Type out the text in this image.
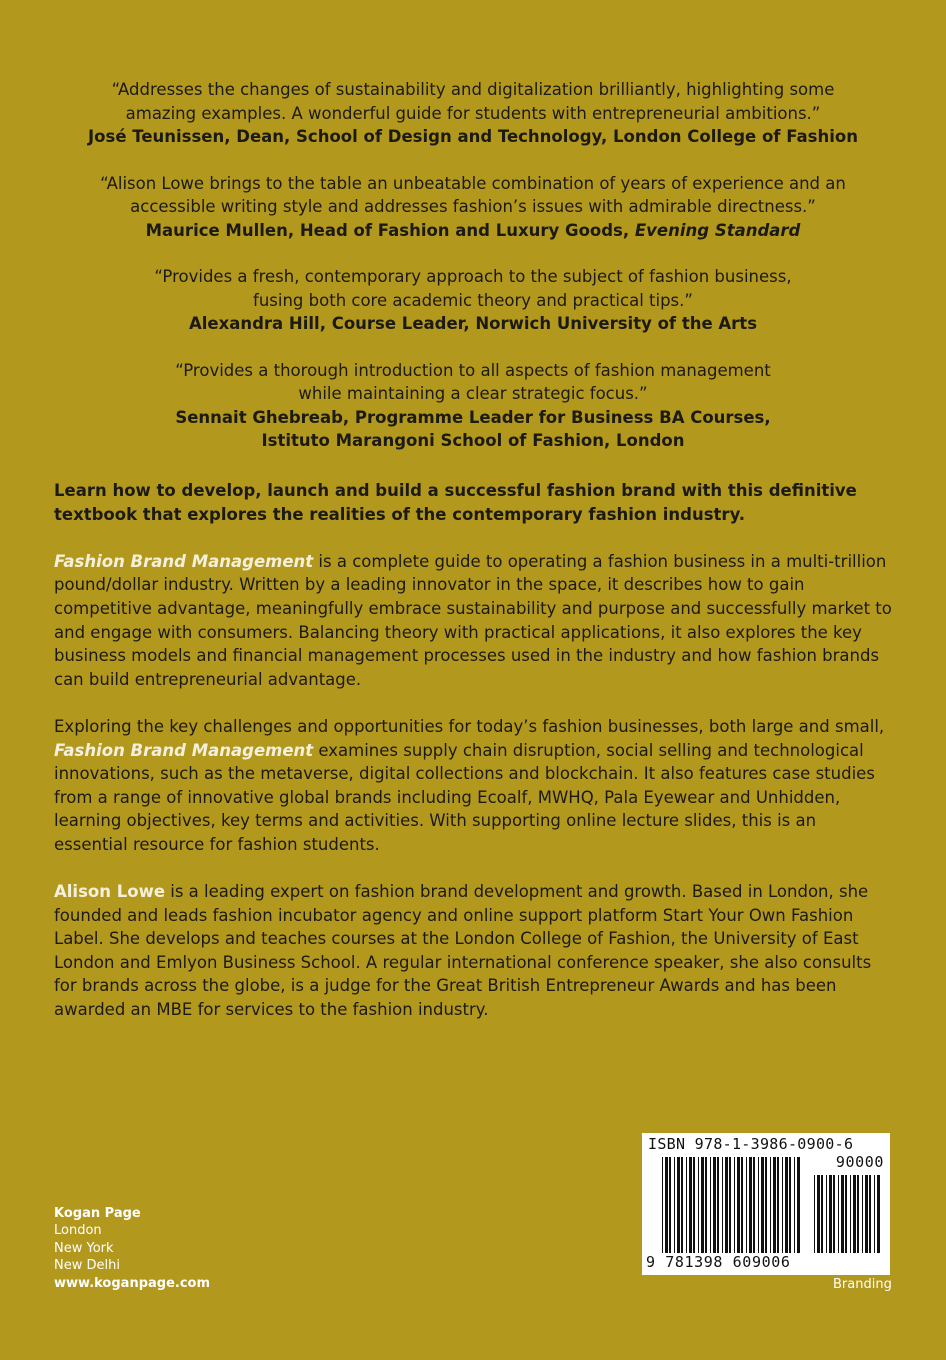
“Addresses the changes of sustainability and digitalization brilliantly, highlighting some

amazing examples. A wonderful guide for students with entrepreneurial ambitions.”

José Teunissen, Dean, School of Design and Technology, London College of Fashion

“Alison Lowe brings to the table an unbeatable combination of years of experience and an

accessible writing style and addresses fashion’s issues with admirable directness.”

Maurice Mullen, Head of Fashion and Luxury Goods, Evening Standard

“Provides a fresh, contemporary approach to the subject of fashion business,

fusing both core academic theory and practical tips.”

Alexandra Hill, Course Leader, Norwich University of the Arts

“Provides a thorough introduction to all aspects of fashion management

while maintaining a clear strategic focus.”

Sennait Ghebreab, Programme Leader for Business BA Courses,

Istituto Marangoni School of Fashion, London

Learn how to develop, launch and build a successful fashion brand with this definitive textbook that explores the realities of the contemporary fashion industry.

Fashion Brand Management is a complete guide to operating a fashion business in a multi-trillion pound/dollar industry. Written by a leading innovator in the space, it describes how to gain competitive advantage, meaningfully embrace sustainability and purpose and successfully market to and engage with consumers. Balancing theory with practical applications, it also explores the key business models and financial management processes used in the industry and how fashion brands can build entrepreneurial advantage.

Exploring the key challenges and opportunities for today’s fashion businesses, both large and small, Fashion Brand Management examines supply chain disruption, social selling and technological innovations, such as the metaverse, digital collections and blockchain. It also features case studies from a range of innovative global brands including Ecoalf, MWHQ, Pala Eyewear and Unhidden, learning objectives, key terms and activities. With supporting online lecture slides, this is an essential resource for fashion students.

Alison Lowe is a leading expert on fashion brand development and growth. Based in London, she founded and leads fashion incubator agency and online support platform Start Your Own Fashion Label. She develops and teaches courses at the London College of Fashion, the University of East London and Emlyon Business School. A regular international conference speaker, she also consults for brands across the globe, is a judge for the Great British Entrepreneur Awards and has been awarded an MBE for services to the fashion industry.

Kogan Page
London
New York
New Delhi
www.koganpage.com
ISBN 978-1-3986-0900-6
90000
9 781398 609006
Branding
